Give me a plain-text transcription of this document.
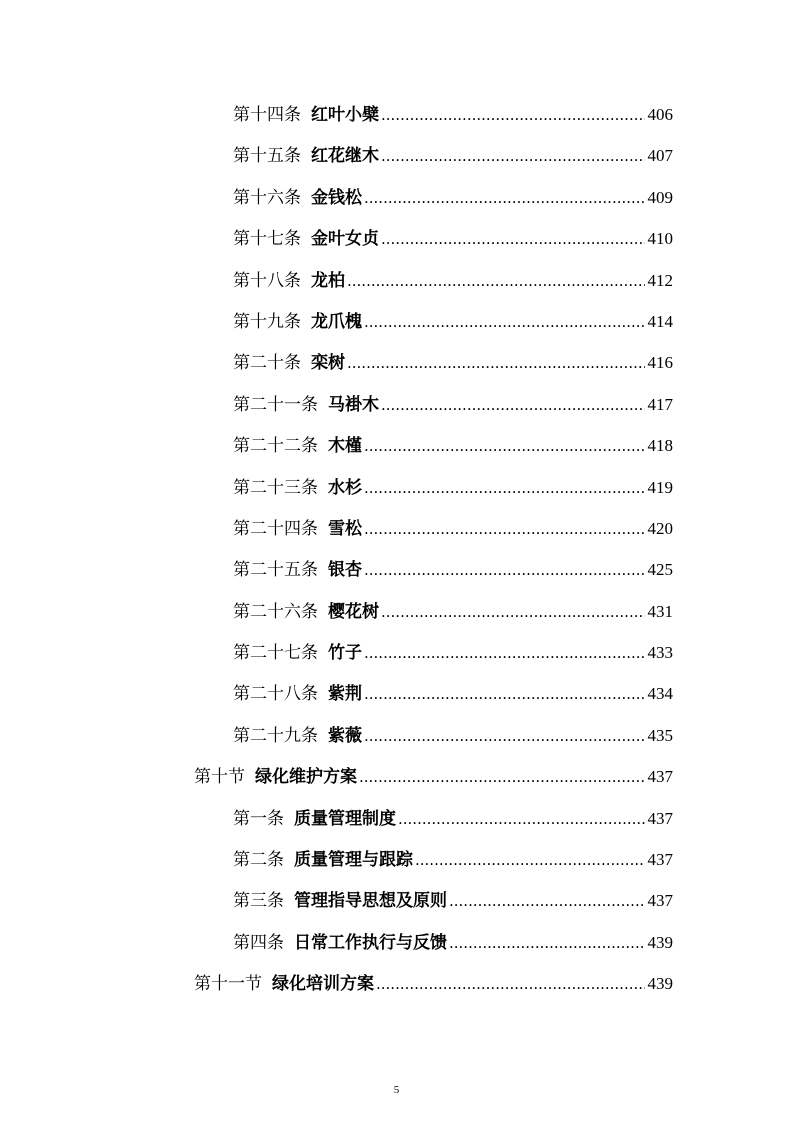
第十四条 红叶小檗 .....	406
第十五条 红花继木 .....	407
第十六条 金钱松 .....	409
第十七条 金叶女贞 .....	410
第十八条 龙柏 .....	412
第十九条 龙爪槐 .....	414
第二十条 栾树 .....	416
第二十一条 马褂木 .....	417
第二十二条 木槿 .....	418
第二十三条 水杉 .....	419
第二十四条 雪松 .....	420
第二十五条 银杏 .....	425
第二十六条 樱花树 .....	431
第二十七条 竹子 .....	433
第二十八条 紫荆 .....	434
第二十九条 紫薇 .....	435
第十节 绿化维护方案 .....	437
第一条 质量管理制度 .....	437
第二条 质量管理与跟踪 .....	437
第三条 管理指导思想及原则 .....	437
第四条 日常工作执行与反馈 .....	439
第十一节 绿化培训方案 .....	439
5
